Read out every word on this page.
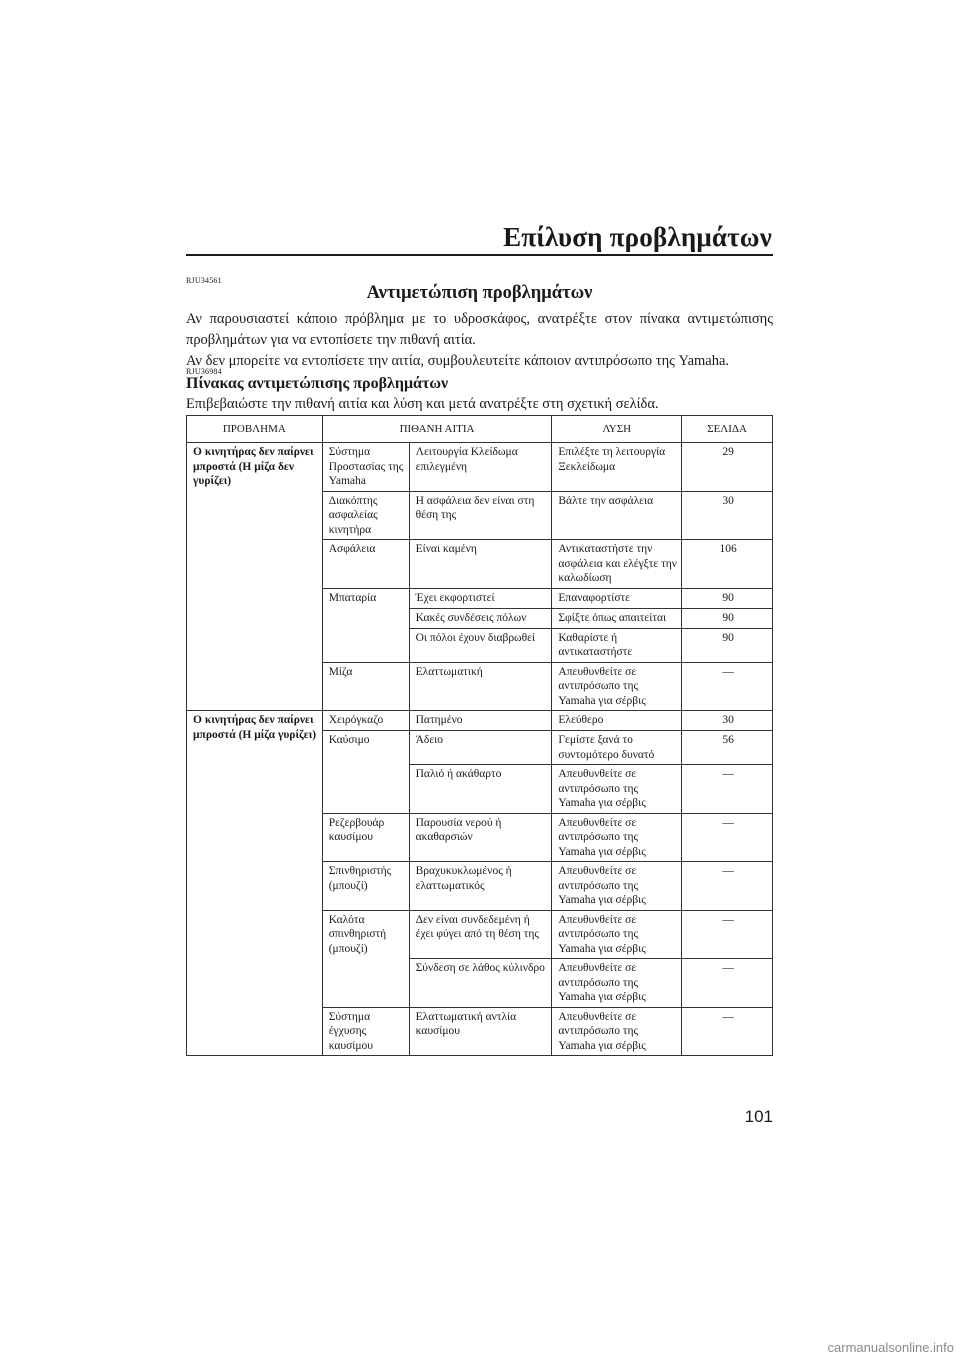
Επίλυση προβλημάτων
RJU34561
Αντιμετώπιση προβλημάτων

Αν παρουσιαστεί κάποιο πρόβλημα με το υδροσκάφος, ανατρέξτε στον πίνακα αντιμετώπισης προβλημάτων για να εντοπίσετε την πιθανή αιτία.

Αν δεν μπορείτε να εντοπίσετε την αιτία, συμβουλευτείτε κάποιον αντιπρόσωπο της Yamaha.

RJU36984
Πίνακας αντιμετώπισης προβλημάτων
Επιβεβαιώστε την πιθανή αιτία και λύση και μετά ανατρέξτε στη σχετική σελίδα.
ΠΡΟΒΛΗΜΑ	ΠΙΘΑΝΗ ΑΙΤΙΑ		ΛΥΣΗ	ΣΕΛΙΔΑ
Ο κινητήρας δεν παίρνει μπροστά (Η μίζα δεν γυρίζει)	Σύστημα Προστασίας της Yamaha	Λειτουργία Κλείδωμα επιλεγμένη	Επιλέξτε τη λειτουργία Ξεκλείδωμα	29
	Διακόπτης ασφαλείας κινητήρα	Η ασφάλεια δεν είναι στη θέση της	Βάλτε την ασφάλεια	30
	Ασφάλεια	Είναι καμένη	Αντικαταστήστε την ασφάλεια και ελέγξτε την καλωδίωση	106
	Μπαταρία	Έχει εκφορτιστεί	Επαναφορτίστε	90
		Κακές συνδέσεις πόλων	Σφίξτε όπως απαιτείται	90
		Οι πόλοι έχουν διαβρωθεί	Καθαρίστε ή αντικαταστήστε	90
	Μίζα	Ελαττωματική	Απευθυνθείτε σε αντιπρόσωπο της Yamaha για σέρβις	—
Ο κινητήρας δεν παίρνει μπροστά (Η μίζα γυρίζει)	Χειρόγκαζο	Πατημένο	Ελεύθερο	30
	Καύσιμο	Άδειο	Γεμίστε ξανά το συντομότερο δυνατό	56
		Παλιό ή ακάθαρτο	Απευθυνθείτε σε αντιπρόσωπο της Yamaha για σέρβις	—
	Ρεζερβουάρ καυσίμου	Παρουσία νερού ή ακαθαρσιών	Απευθυνθείτε σε αντιπρόσωπο της Yamaha για σέρβις	—
	Σπινθηριστής (μπουζί)	Βραχυκυκλωμένος ή ελαττωματικός	Απευθυνθείτε σε αντιπρόσωπο της Yamaha για σέρβις	—
	Καλότα σπινθηριστή (μπουζί)	Δεν είναι συνδεδεμένη ή έχει φύγει από τη θέση της	Απευθυνθείτε σε αντιπρόσωπο της Yamaha για σέρβις	—
		Σύνδεση σε λάθος κύλινδρο	Απευθυνθείτε σε αντιπρόσωπο της Yamaha για σέρβις	—
	Σύστημα έγχυσης καυσίμου	Ελαττωματική αντλία καυσίμου	Απευθυνθείτε σε αντιπρόσωπο της Yamaha για σέρβις	—
101
carmanualsonline.info
